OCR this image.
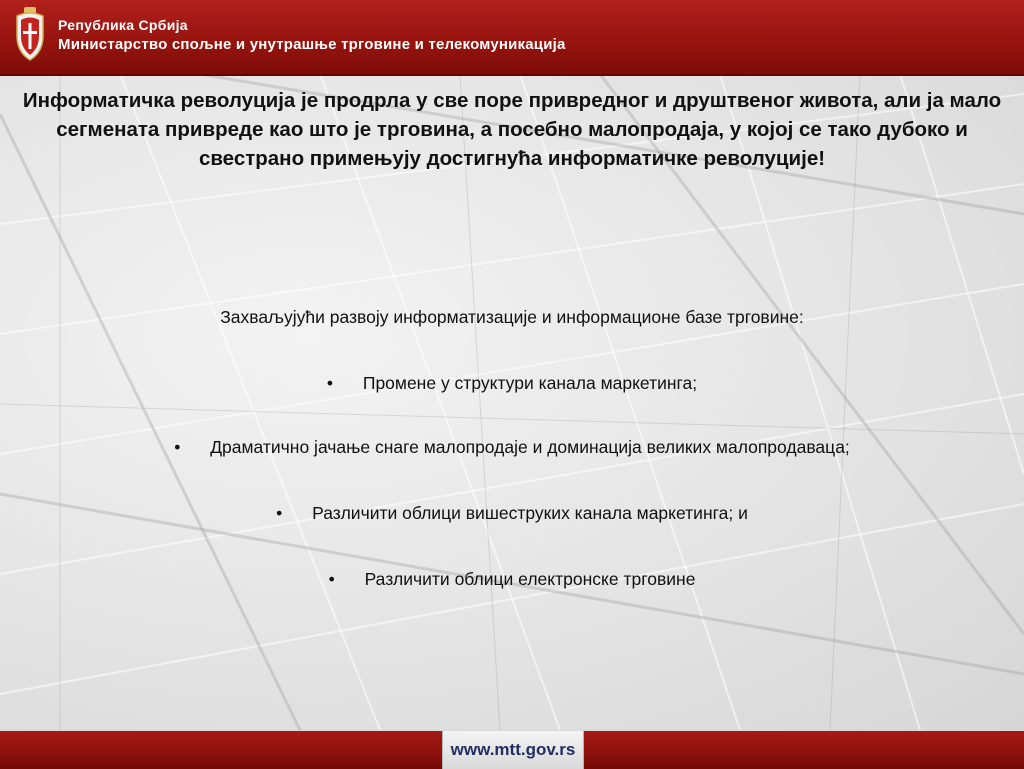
Република Србија
Министарство спољне и унутрашње трговине и телекомуникација
Информатичка револуција је продрла у све поре привредног и друштвеног живота, али ја мало сегмената привреде као што је трговина, а посебно малопродаја, у којој се тако дубоко и свестрано примењују достигнућа информатичке револуције!
Захваљујући развоју информатизације и информационе базе трговине:
• Промене у структури канала маркетинга;
• Драматично јачање снаге малопродаје и доминација великих малопродаваца;
• Различити облици вишеструких канала маркетинга; и
• Различити облици електронске трговине
www.mtt.gov.rs
